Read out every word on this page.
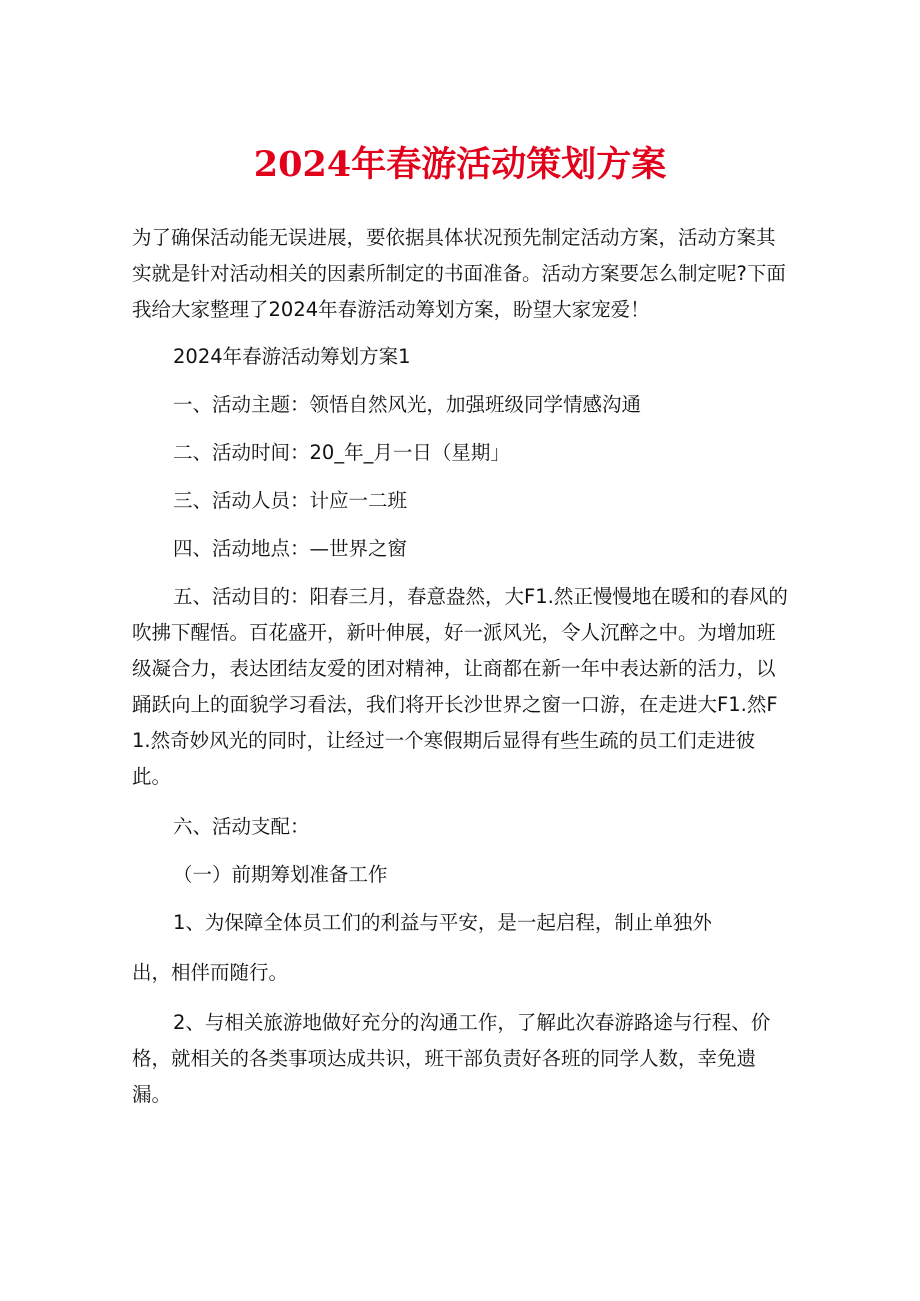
2024年春游活动策划方案

为了确保活动能无误进展，要依据具体状况预先制定活动方案，活动方案其实就是针对活动相关的因素所制定的书面准备。活动方案要怎么制定呢?下面我给大家整理了2024年春游活动筹划方案，盼望大家宠爱！

2024年春游活动筹划方案1

一、活动主题：领悟自然风光，加强班级同学情感沟通

二、活动时间：20_年_月一日（星期」

三、活动人员：计应一二班

四、活动地点：—世界之窗

五、活动目的：阳春三月，春意盎然，大F1.然正慢慢地在暖和的春风的吹拂下醒悟。百花盛开，新叶伸展，好一派风光，令人沉醉之中。为增加班级凝合力，表达团结友爱的团对精神，让商都在新一年中表达新的活力，以踊跃向上的面貌学习看法，我们将开长沙世界之窗一口游，在走进大F1.然F1.然奇妙风光的同时，让经过一个寒假期后显得有些生疏的员工们走进彼此。

六、活动支配：

（一）前期筹划准备工作

1、为保障全体员工们的利益与平安，是一起启程，制止单独外

出，相伴而随行。

2、与相关旅游地做好充分的沟通工作，了解此次春游路途与行程、价格，就相关的各类事项达成共识，班干部负责好各班的同学人数，幸免遗漏。
